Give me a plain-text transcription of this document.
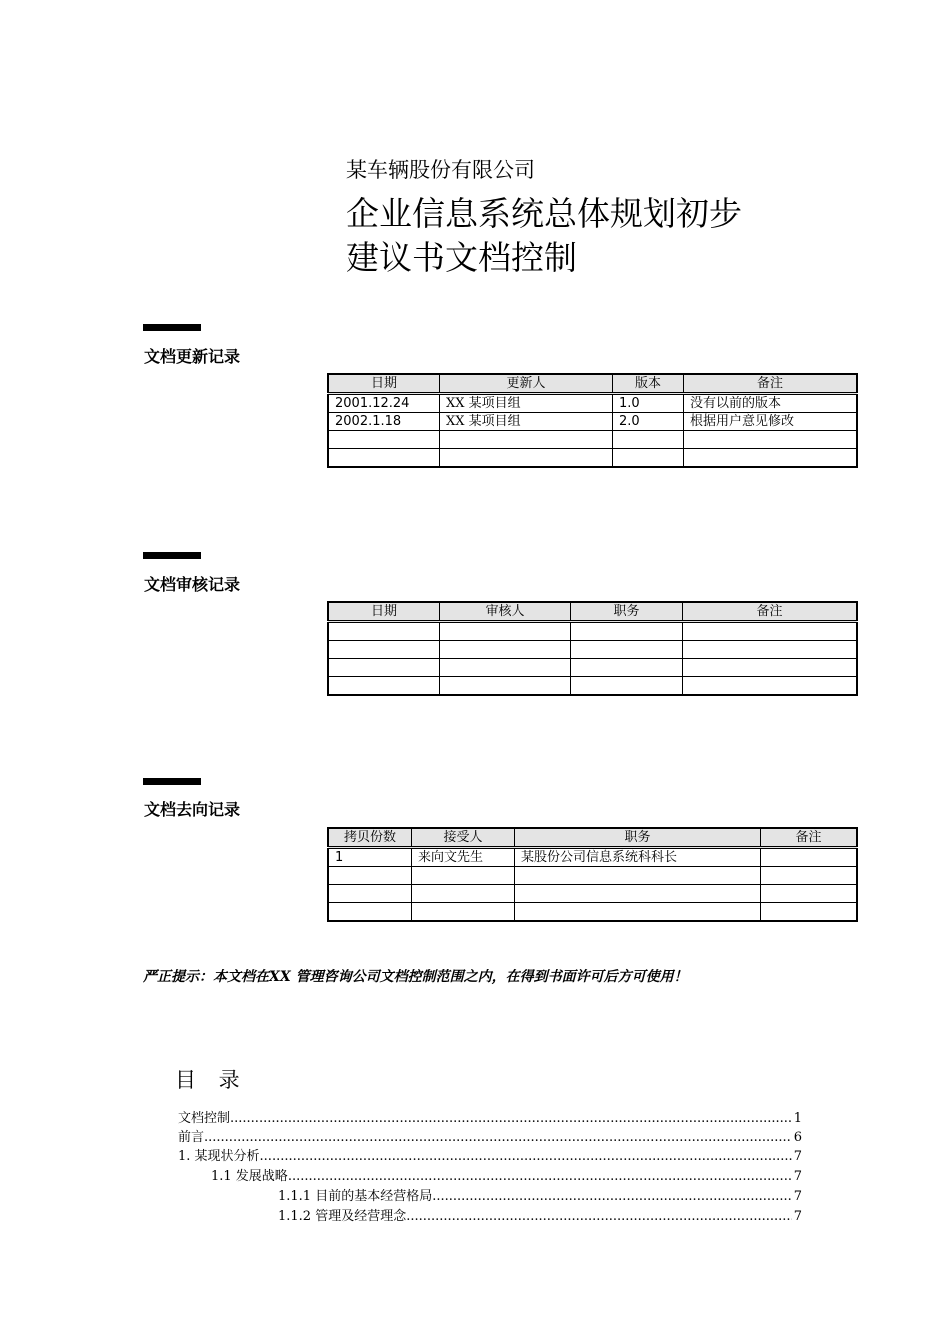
某车辆股份有限公司
企业信息系统总体规划初步
建议书文档控制
文档更新记录
日期	更新人	版本	备注
2001.12.24	XX 某项目组	1.0	没有以前的版本
2002.1.18	XX 某项目组	2.0	根据用户意见修改

文档审核记录
日期	审核人	职务	备注

文档去向记录
拷贝份数	接受人	职务	备注
1	来向文先生	某股份公司信息系统科科长	

严正提示：本文档在XX 管理咨询公司文档控制范围之内，在得到书面许可后方可使用！
目 录
文档控制 .....	1
前言 .....	6
1. 某现状分析 .....	7
1.1 发展战略 .....	7
1.1.1 目前的基本经营格局 .....	7
1.1.2 管理及经营理念 .....	7
